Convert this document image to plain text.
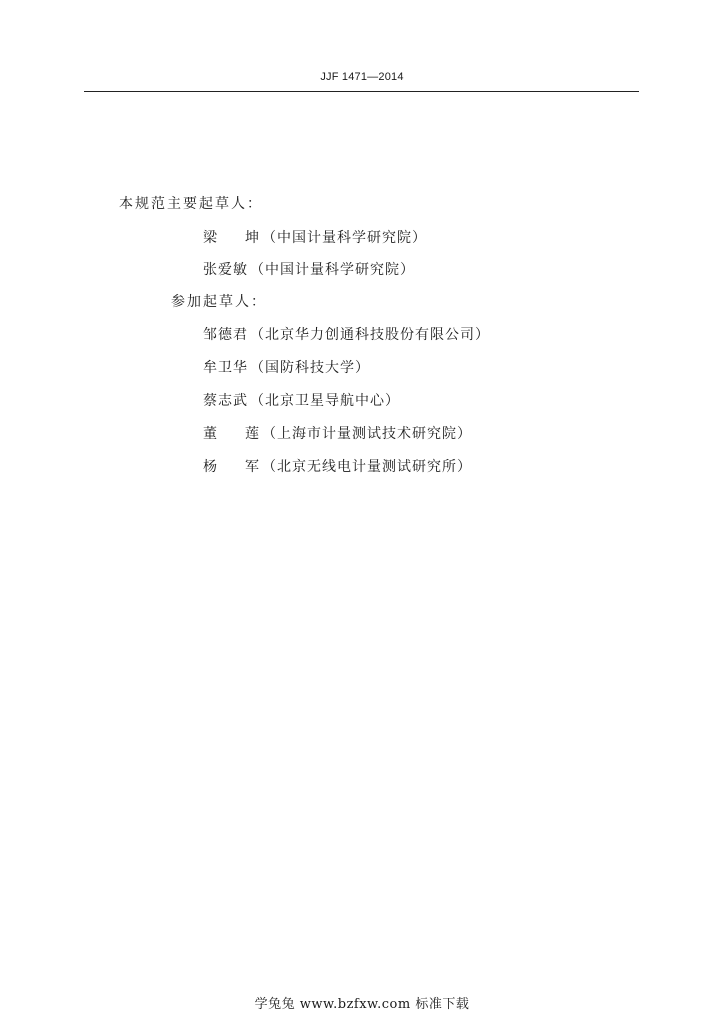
JJF 1471—2014
本规范主要起草人：
梁 坤 （中国计量科学研究院）
张爱敏 （中国计量科学研究院）
参加起草人：
邹德君 （北京华力创通科技股份有限公司）
牟卫华 （国防科技大学）
蔡志武 （北京卫星导航中心）
董 莲 （上海市计量测试技术研究院）
杨 军 （北京无线电计量测试研究所）
学兔兔 www.bzfxw.com 标准下载
